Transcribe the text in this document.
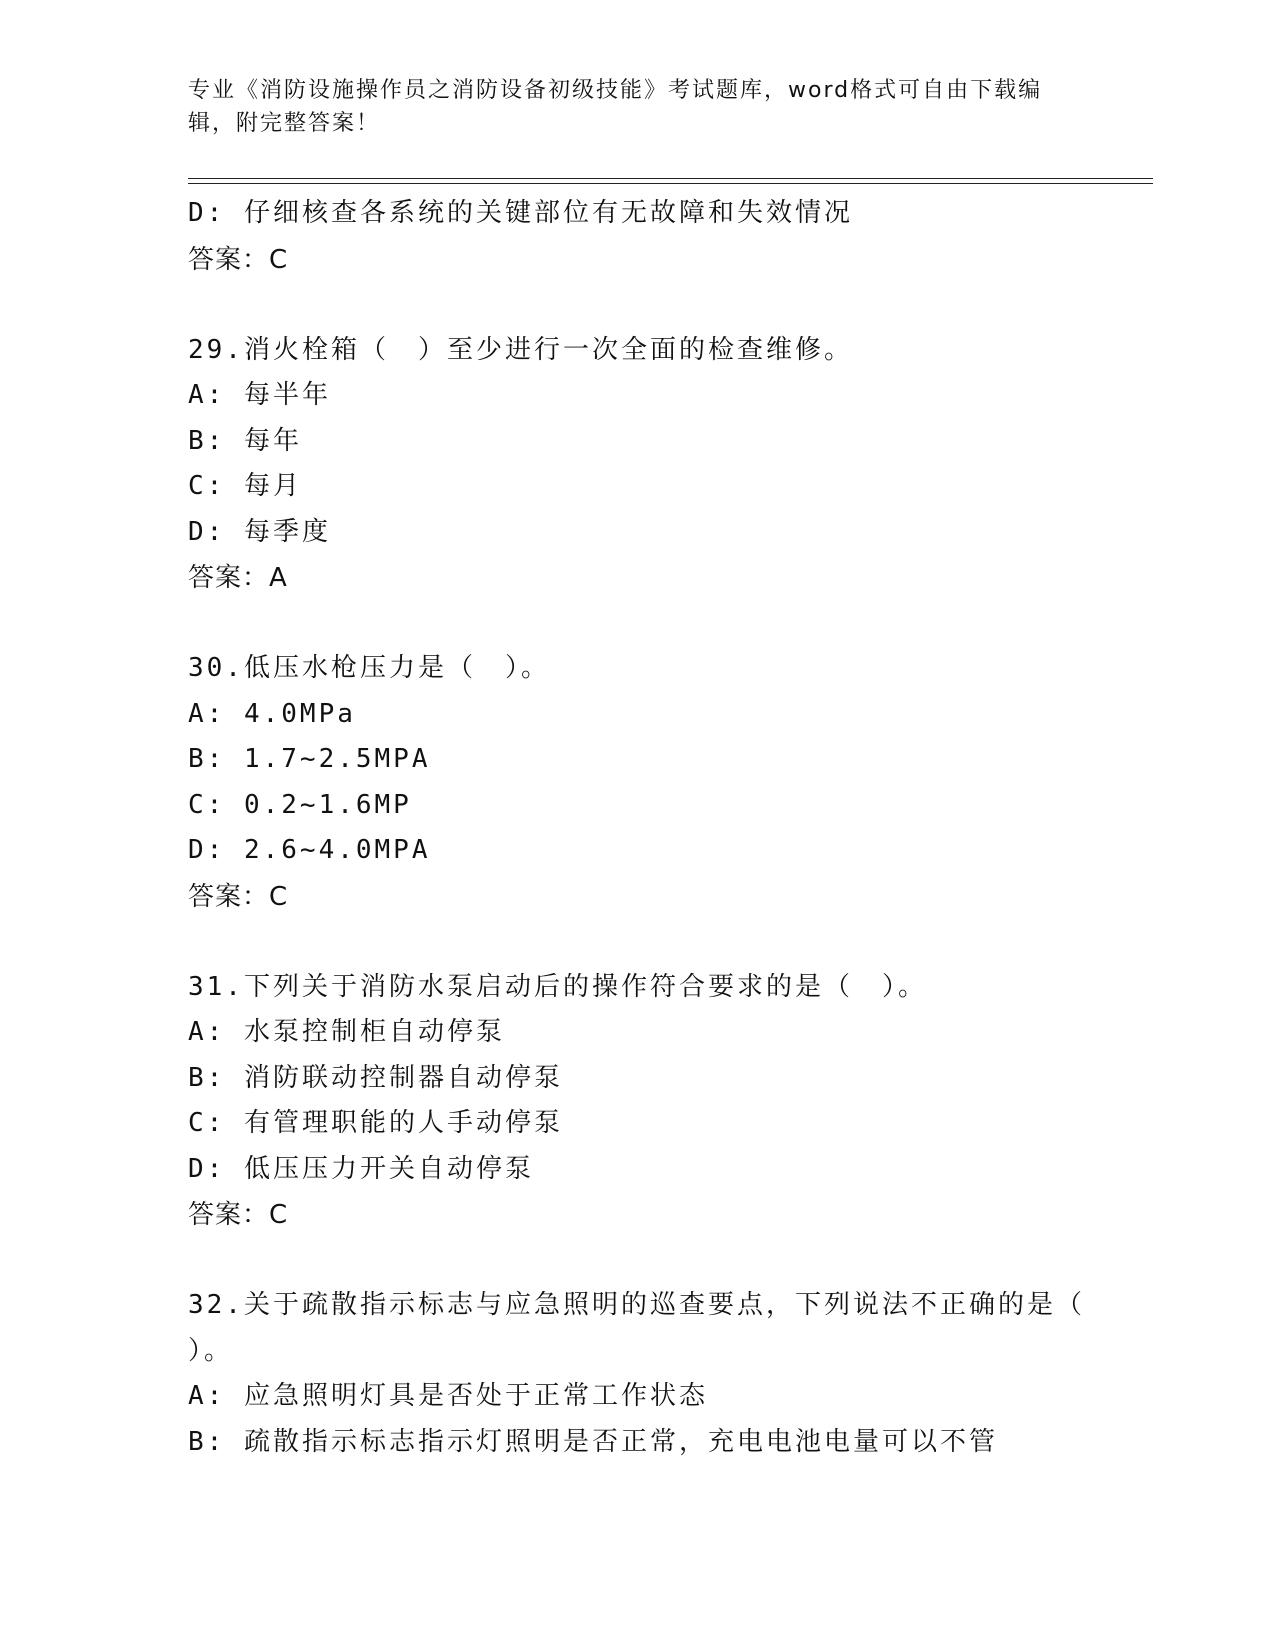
专业《消防设施操作员之消防设备初级技能》考试题库，word格式可自由下载编
辑，附完整答案！
D: 仔细核查各系统的关键部位有无故障和失效情况
答案：C
29.消火栓箱（　）至少进行一次全面的检查维修。
A: 每半年
B: 每年
C: 每月
D: 每季度
答案：A
30.低压水枪压力是（　）。
A: 4.0MPa
B: 1.7~2.5MPA
C: 0.2~1.6MP
D: 2.6~4.0MPA
答案：C
31.下列关于消防水泵启动后的操作符合要求的是（　）。
A: 水泵控制柜自动停泵
B: 消防联动控制器自动停泵
C: 有管理职能的人手动停泵
D: 低压压力开关自动停泵
答案：C
32.关于疏散指示标志与应急照明的巡查要点，下列说法不正确的是（
）。
A: 应急照明灯具是否处于正常工作状态
B: 疏散指示标志指示灯照明是否正常，充电电池电量可以不管
